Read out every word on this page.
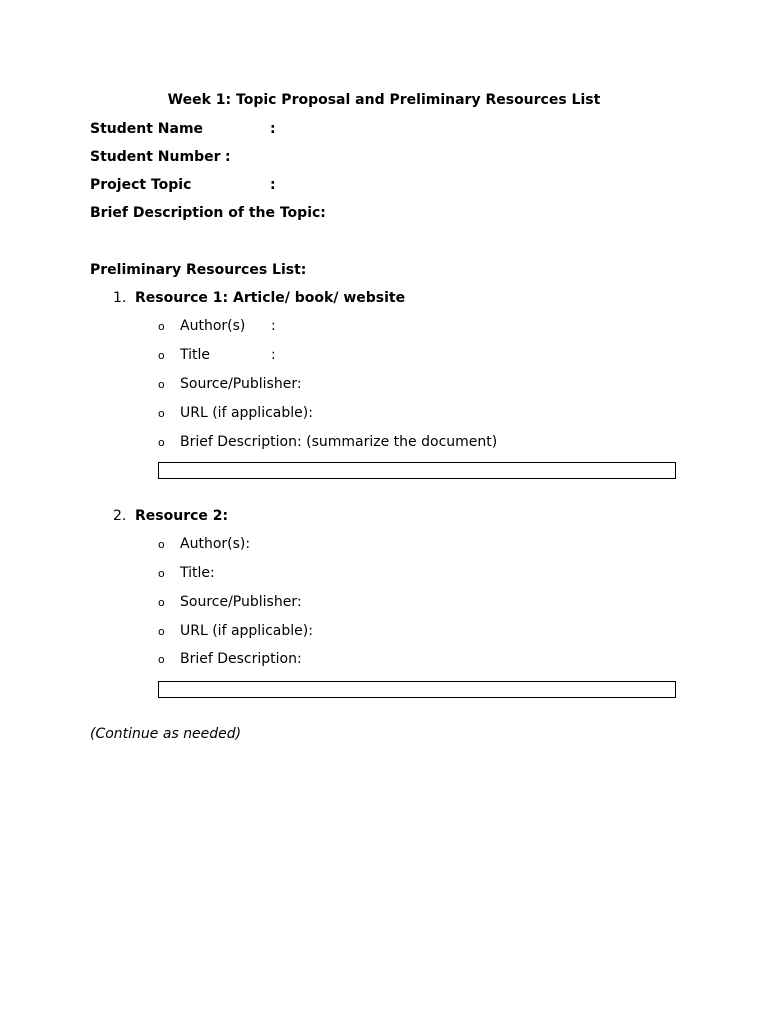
Week 1: Topic Proposal and Preliminary Resources List
Student Name	:
Student Number :
Project Topic	:
Brief Description of the Topic:
Preliminary Resources List:
1. Resource 1: Article/ book/ website
o Author(s) :
o Title	:
o Source/Publisher:
o URL (if applicable):
o Brief Description: (summarize the document)
2. Resource 2:
o Author(s):
o Title:
o Source/Publisher:
o URL (if applicable):
o Brief Description:
(Continue as needed)
